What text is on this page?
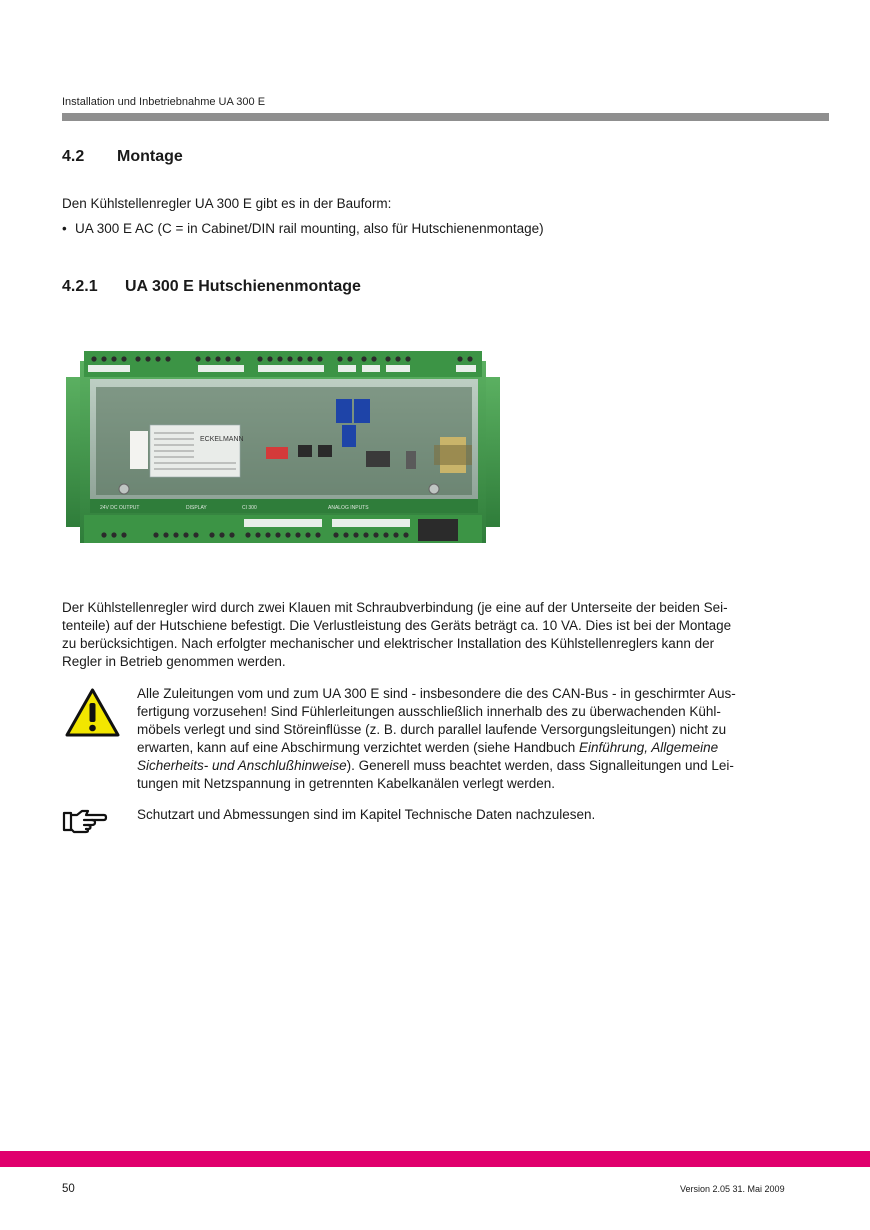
Installation und Inbetriebnahme UA 300 E
4.2 Montage
Den Kühlstellenregler UA 300 E gibt es in der Bauform:
• UA 300 E AC (C = in Cabinet/DIN rail mounting, also für Hutschienenmontage)
4.2.1 UA 300 E Hutschienenmontage
ECKELMANN
24V DC OUTPUT	DISPLAY	CI 300	ANALOG INPUTS
Der Kühlstellenregler wird durch zwei Klauen mit Schraubverbindung (je eine auf der Unterseite der beiden Sei-
tenteile) auf der Hutschiene befestigt. Die Verlustleistung des Geräts beträgt ca. 10 VA. Dies ist bei der Montage
zu berücksichtigen. Nach erfolgter mechanischer und elektrischer Installation des Kühlstellenreglers kann der
Regler in Betrieb genommen werden.
Alle Zuleitungen vom und zum UA 300 E sind - insbesondere die des CAN-Bus - in geschirmter Aus-
fertigung vorzusehen! Sind Fühlerleitungen ausschließlich innerhalb des zu überwachenden Kühl-
möbels verlegt und sind Störeinflüsse (z. B. durch parallel laufende Versorgungsleitungen) nicht zu
erwarten, kann auf eine Abschirmung verzichtet werden (siehe Handbuch Einführung, Allgemeine
Sicherheits- und Anschlußhinweise). Generell muss beachtet werden, dass Signalleitungen und Lei-
tungen mit Netzspannung in getrennten Kabelkanälen verlegt werden.
Schutzart und Abmessungen sind im Kapitel Technische Daten nachzulesen.
50	Version 2.05 31. Mai 2009
